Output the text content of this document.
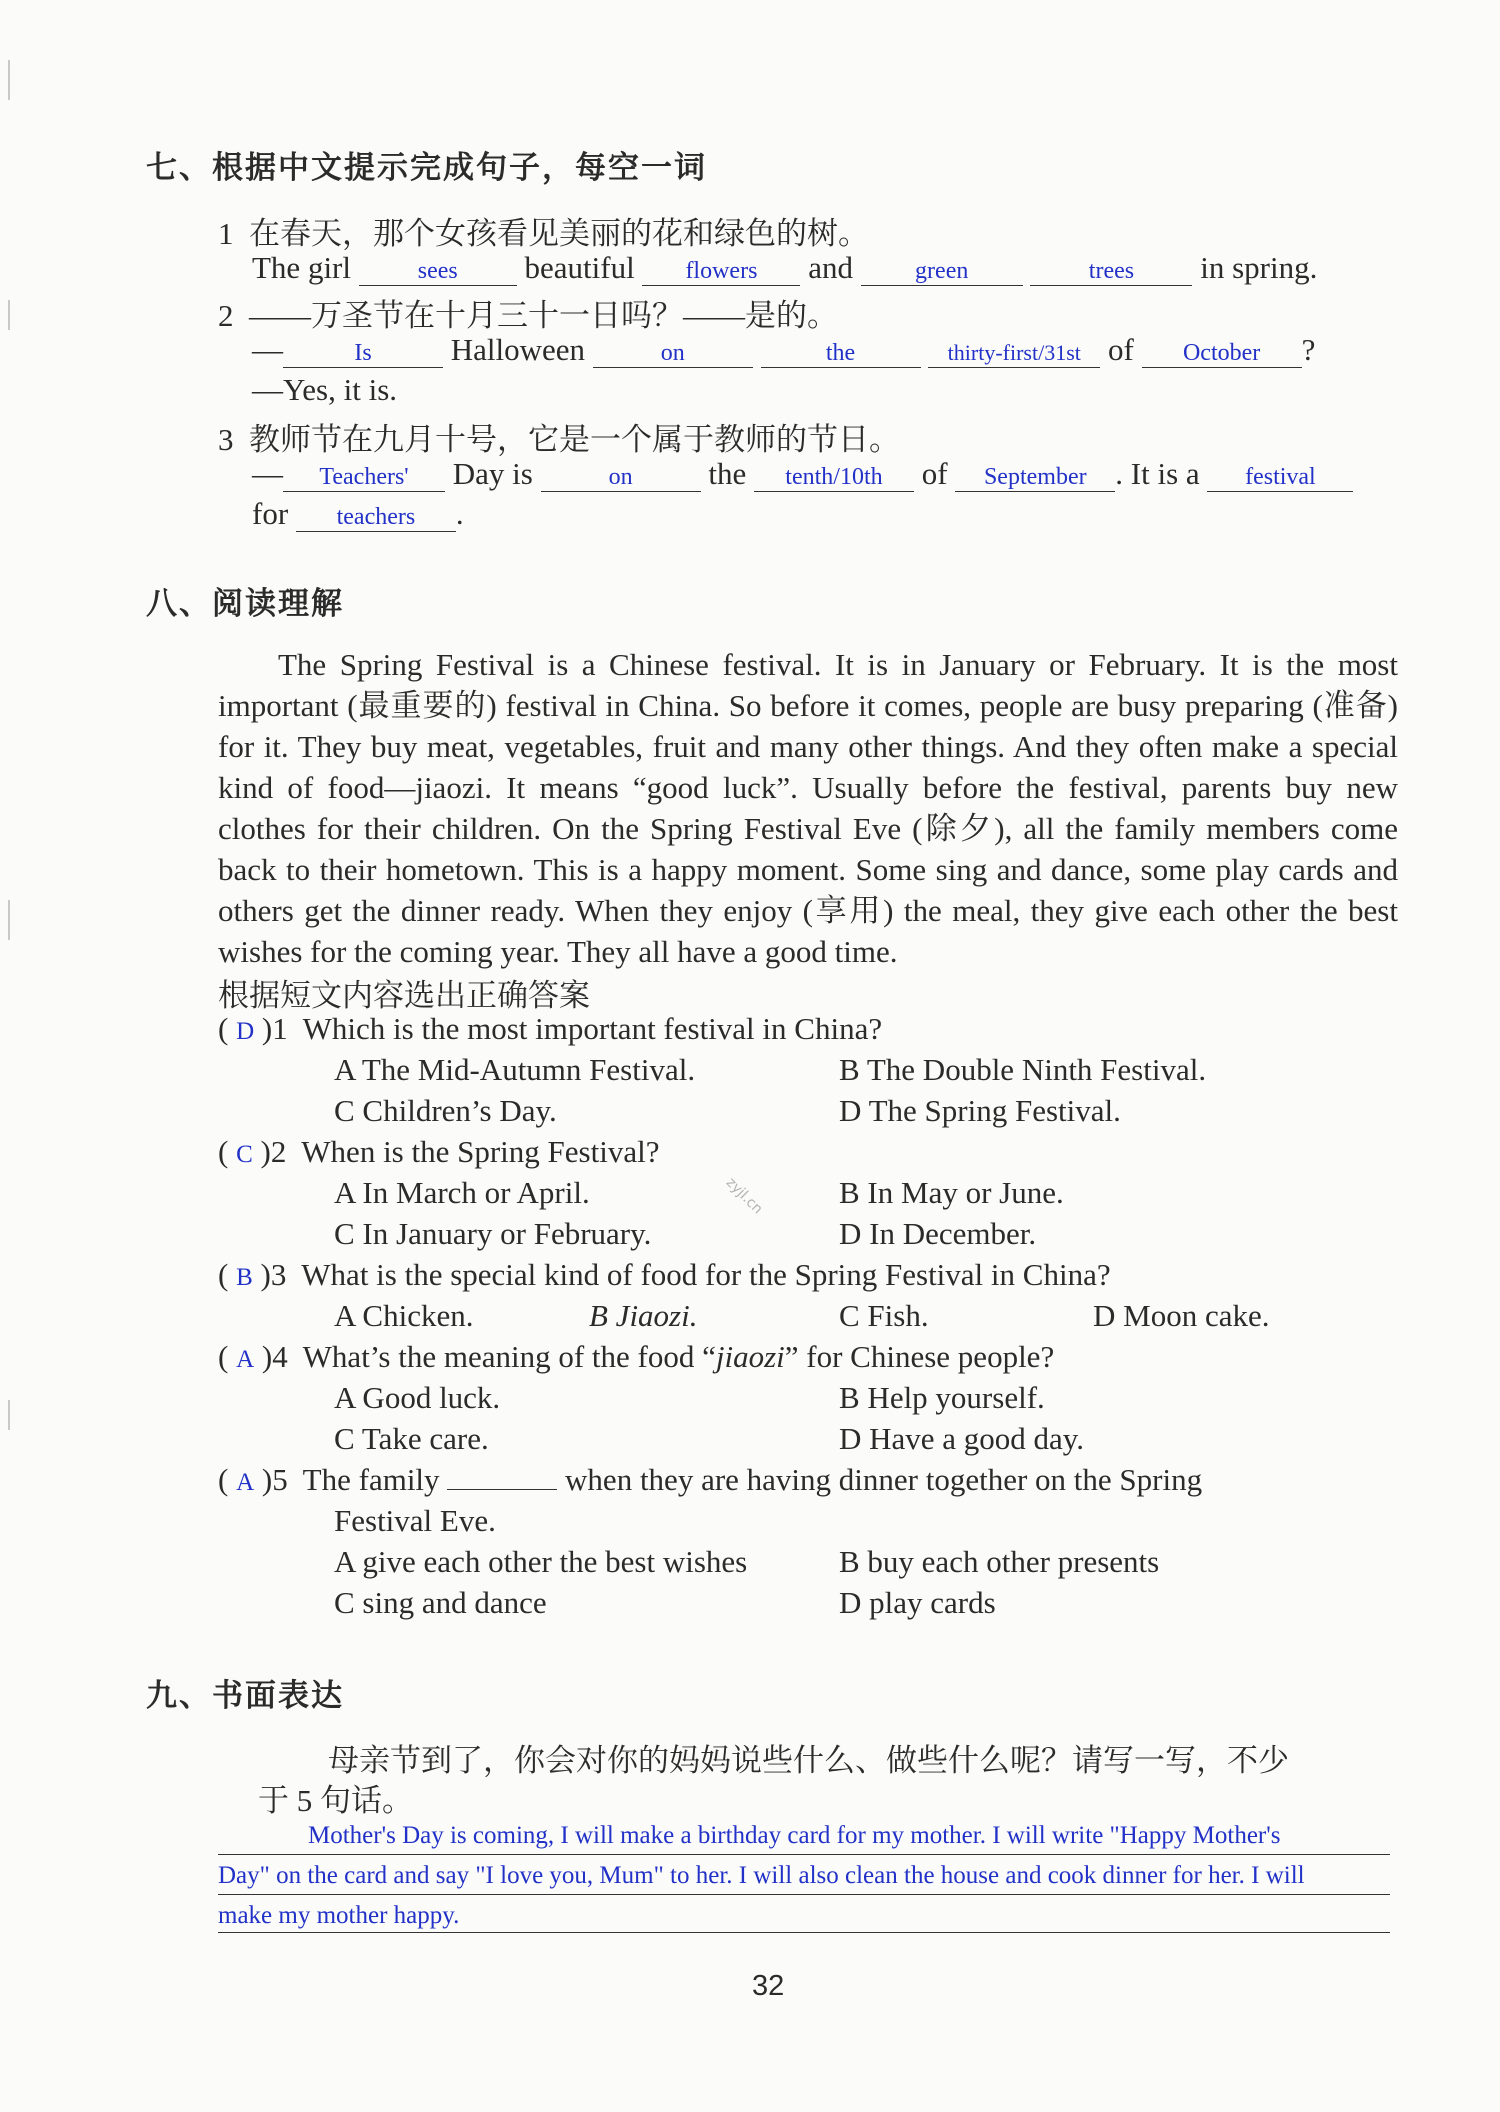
七、根据中文提示完成句子，每空一词
1 在春天，那个女孩看见美丽的花和绿色的树。
The girl	sees beautiful flowers and	green	trees in spring.
2 ——万圣节在十月三十一日吗？——是的。
—	Is	Halloween	on	the	thirty-first/31st of October ?
—Yes, it is.
3 教师节在九月十号，它是一个属于教师的节日。
— Teachers' Day is	on the tenth/10th of September . It is a festival
for teachers .
八、阅读理解

The Spring Festival is a Chinese festival. It is in January or February. It is the most important (最重要的) festival in China. So before it comes, people are busy preparing (准备) for it. They buy meat, vegetables, fruit and many other things. And they often make a special kind of food—jiaozi. It means “good luck”. Usually before the festival, parents buy new clothes for their children. On the Spring Festival Eve (除夕), all the family members come back to their hometown. This is a happy moment. Some sing and dance, some play cards and others get the dinner ready. When they enjoy (享用) the meal, they give each other the best wishes for the coming year. They all have a good time.

根据短文内容选出正确答案
( D )1 Which is the most important festival in China?
A The Mid-Autumn Festival.	B The Double Ninth Festival.
C Children’s Day.	D The Spring Festival.
( C )2 When is the Spring Festival?
A In March or April.	B In May or June.
C In January or February.	D In December.
zyjl.cn
( B )3 What is the special kind of food for the Spring Festival in China?
A Chicken.	B Jiaozi.	C Fish.	D Moon cake.
( A )4 What’s the meaning of the food “jiaozi” for Chinese people?
A Good luck.	B Help yourself.
C Take care.	D Have a good day.
( A )5 The family	when they are having dinner together on the Spring
Festival Eve.
A give each other the best wishes	B buy each other presents
C sing and dance	D play cards
九、书面表达
母亲节到了，你会对你的妈妈说些什么、做些什么呢？请写一写，不少
于 5 句话。
Mother's Day is coming, I will make a birthday card for my mother. I will write "Happy Mother's
Day" on the card and say "I love you, Mum" to her. I will also clean the house and cook dinner for her. I will
make my mother happy.
32
